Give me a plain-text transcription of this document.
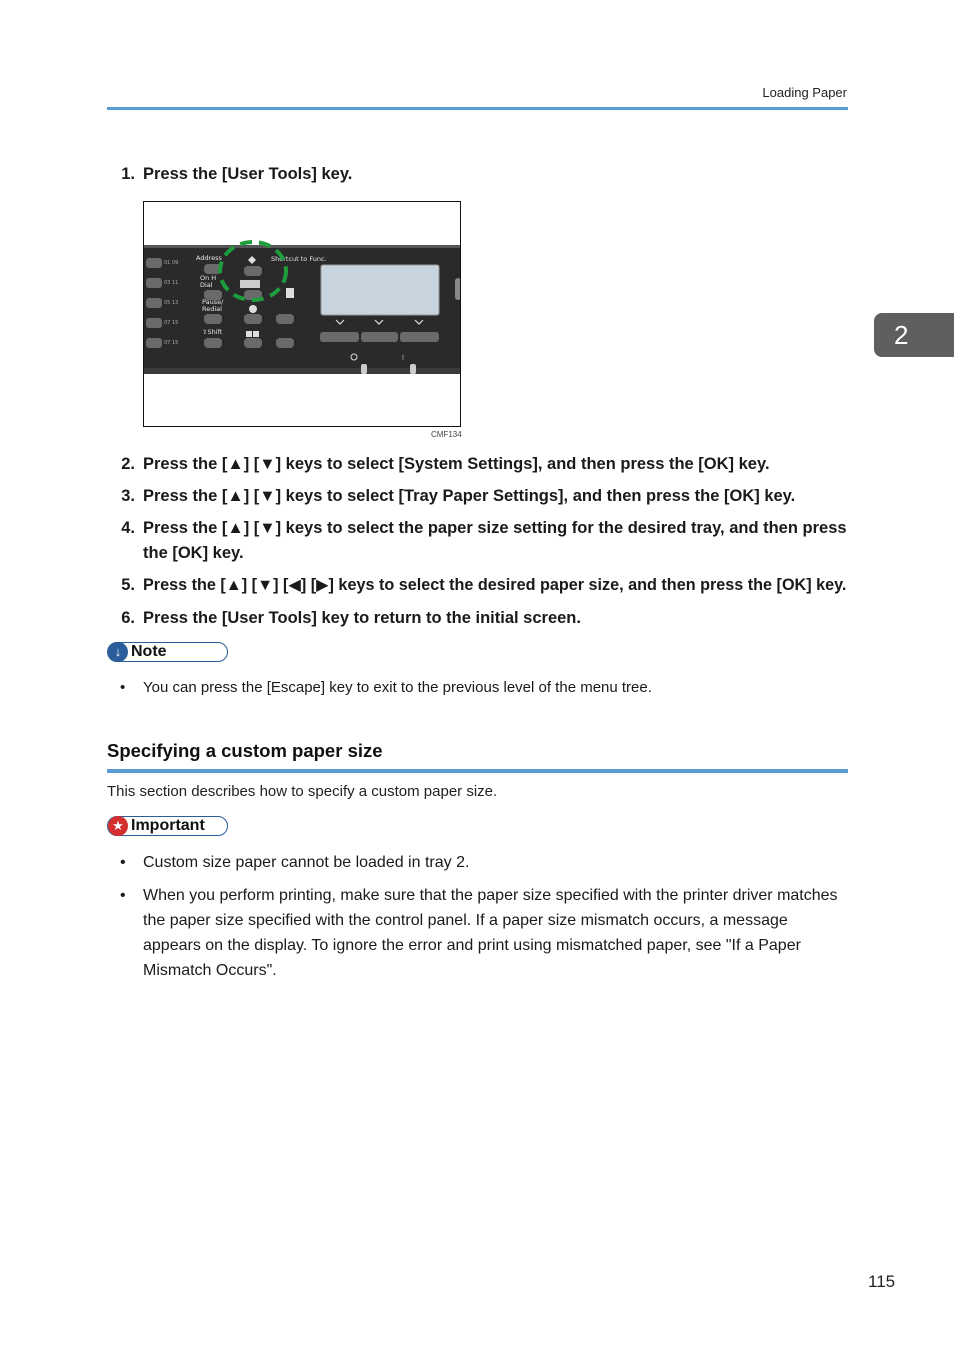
Loading Paper
2
1. Press the [User Tools] key.
01 09
03 11
05 13
07 15
07 15
Address
On H
Dial
Pause/
Redial
⇧Shift
Shortcut to Func.
!
CMF134
2. Press the [▲] [▼] keys to select [System Settings], and then press the [OK] key.
3. Press the [▲] [▼] keys to select [Tray Paper Settings], and then press the [OK] key.
4. Press the [▲] [▼] keys to select the paper size setting for the desired tray, and then press the [OK] key.
5. Press the [▲] [▼] [◀] [▶] keys to select the desired paper size, and then press the [OK] key.
6. Press the [User Tools] key to return to the initial screen.
↓ Note
• You can press the [Escape] key to exit to the previous level of the menu tree.
Specifying a custom paper size
This section describes how to specify a custom paper size.
★ Important
• Custom size paper cannot be loaded in tray 2.
• When you perform printing, make sure that the paper size specified with the printer driver matches the paper size specified with the control panel. If a paper size mismatch occurs, a message appears on the display. To ignore the error and print using mismatched paper, see "If a Paper Mismatch Occurs".
115
